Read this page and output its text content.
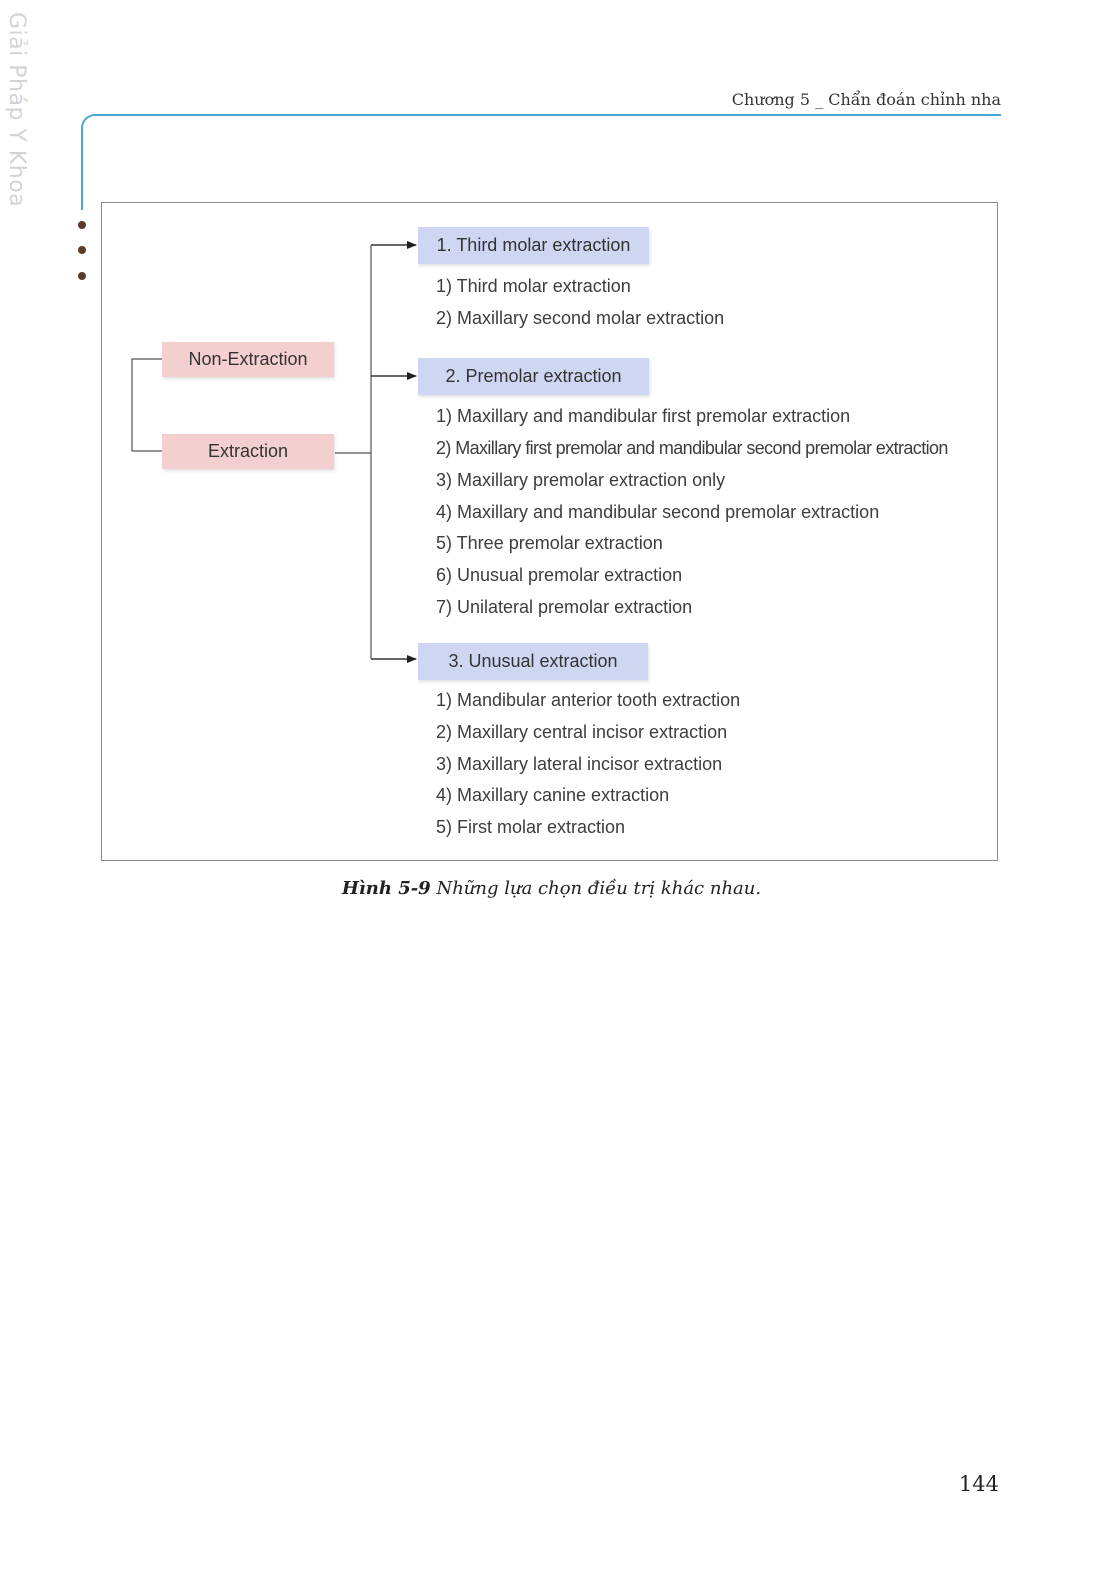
Giải Pháp Y Khoa	Chương 5 _ Chẩn đoán chỉnh nha
Non-Extraction
Extraction
1. Third molar extraction
1) Third molar extraction
2) Maxillary second molar extraction
2. Premolar extraction
1) Maxillary and mandibular first premolar extraction
2) Maxillary first premolar and mandibular second premolar extraction
3) Maxillary premolar extraction only
4) Maxillary and mandibular second premolar extraction
5) Three premolar extraction
6) Unusual premolar extraction
7) Unilateral premolar extraction
3. Unusual extraction
1) Mandibular anterior tooth extraction
2) Maxillary central incisor extraction
3) Maxillary lateral incisor extraction
4) Maxillary canine extraction
5) First molar extraction
Hình 5-9 Những lựa chọn điều trị khác nhau.
144
